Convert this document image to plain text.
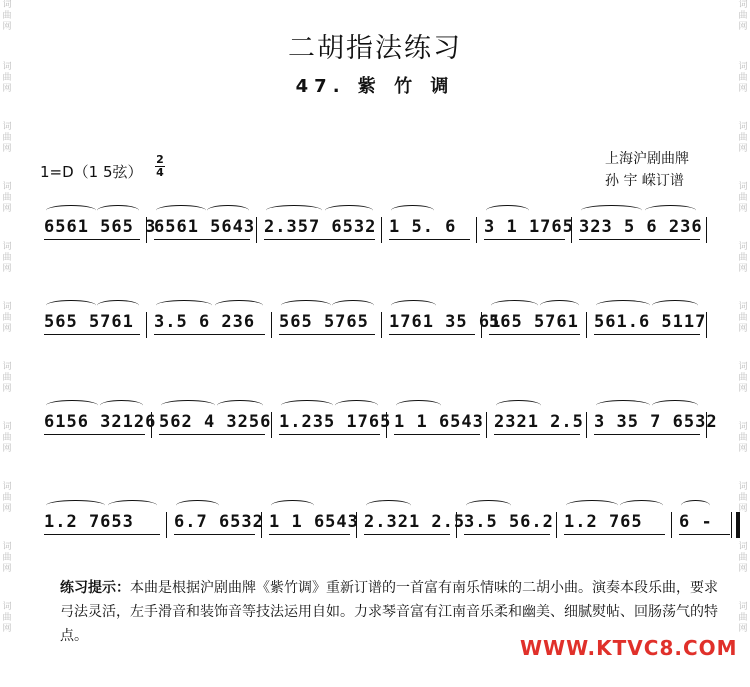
词曲网
词曲网
词曲网
词曲网
词曲网
词曲网
词曲网
词曲网
词曲网
词曲网
词曲网
词曲网
词曲网
词曲网
词曲网
词曲网
词曲网
词曲网
词曲网
词曲网
词曲网
词曲网
二胡指法练习
47. 紫 竹 调
1=D（1 5弦）
2
4
上海沪剧曲牌
孙 宇 嵘订谱
6561 565 3
6561 5643 2.357 6532 1 5. 6	3 1 1765 323 5 6 236
565 5761	3.5 6 236	565 5765	1761 35 61
565 5761 561.6 5117
6156 32126 562 4 3256 1.235 1765 1 1 6543 2321 2.5 3 35 7 6532
1.2 7653	6.7 6532 1 1 6543 2.321 2.5
3.5 56.2 1.2 765	6 -
练习提示：本曲是根据沪剧曲牌《紫竹调》重新订谱的一首富有南乐情味的二胡小曲。演奏本段乐曲，要求弓法灵活，左手滑音和装饰音等技法运用自如。力求琴音富有江南音乐柔和幽美、细腻熨帖、回肠荡气的特点。	WWW.KTVC8.COM
